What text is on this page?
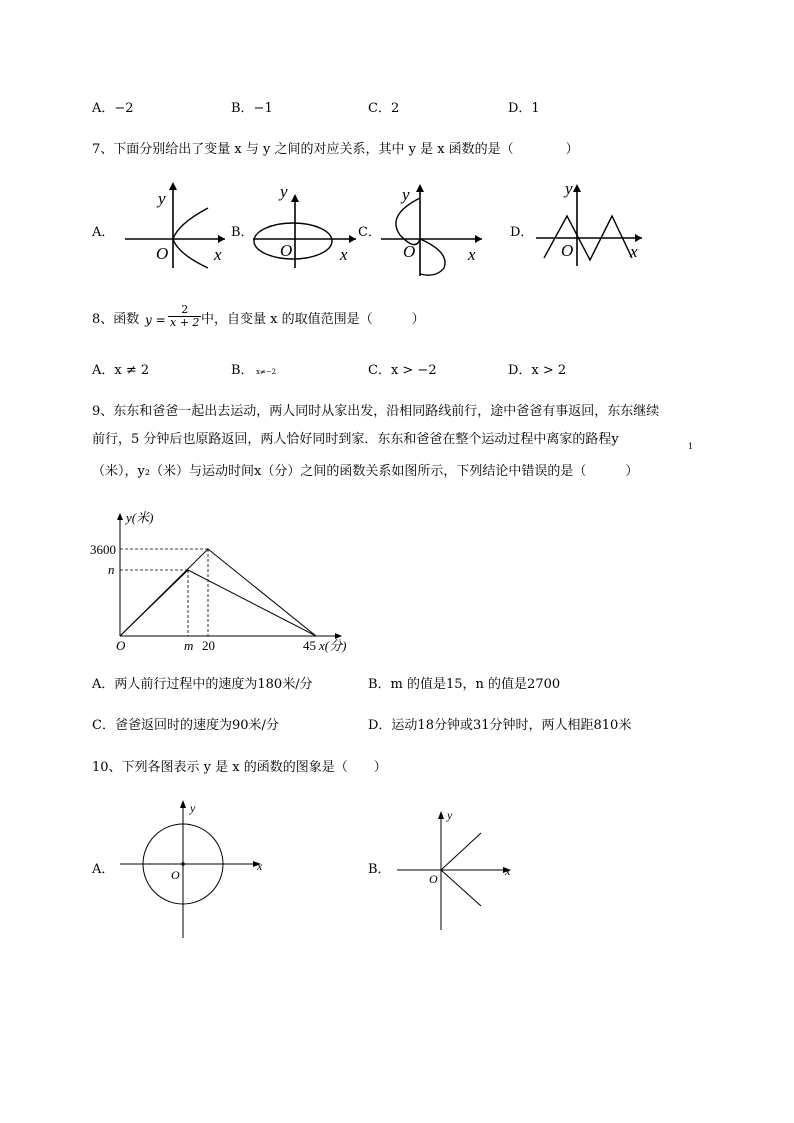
A．−2	B．−1	C．2	D．1
7、下面分别给出了变量 x 与 y 之间的对应关系，其中 y 是 x 函数的是（　　　　）
A．
y
O	x
B．
y
O	x
C．
y
O	x
D．
y
O	x
8、函数 $y = \frac{2}{x + 2}$ 中，自变量 x 的取值范围是（　　　）
A．x ≠ 2	B． x≠−2	C．x > −2	D．x > 2
9、东东和爸爸一起出去运动，两人同时从家出发，沿相同路线前行，途中爸爸有事返回，东东继续
前行，5 分钟后也原路返回，两人恰好同时到家．东东和爸爸在整个运动过程中离家的路程y	1
（米），y₂（米）与运动时间x（分）之间的函数关系如图所示，下列结论中错误的是（　　　）
y(米)
3600
n
O	m 20	45 x(分)
A．两人前行过程中的速度为180米/分	B．m 的值是15，n 的值是2700
C．爸爸返回时的速度为90米/分	D．运动18分钟或31分钟时，两人相距810米
10、下列各图表示 y 是 x 的函数的图象是（　　）
A．
y
O
x	B．
y
O
x
